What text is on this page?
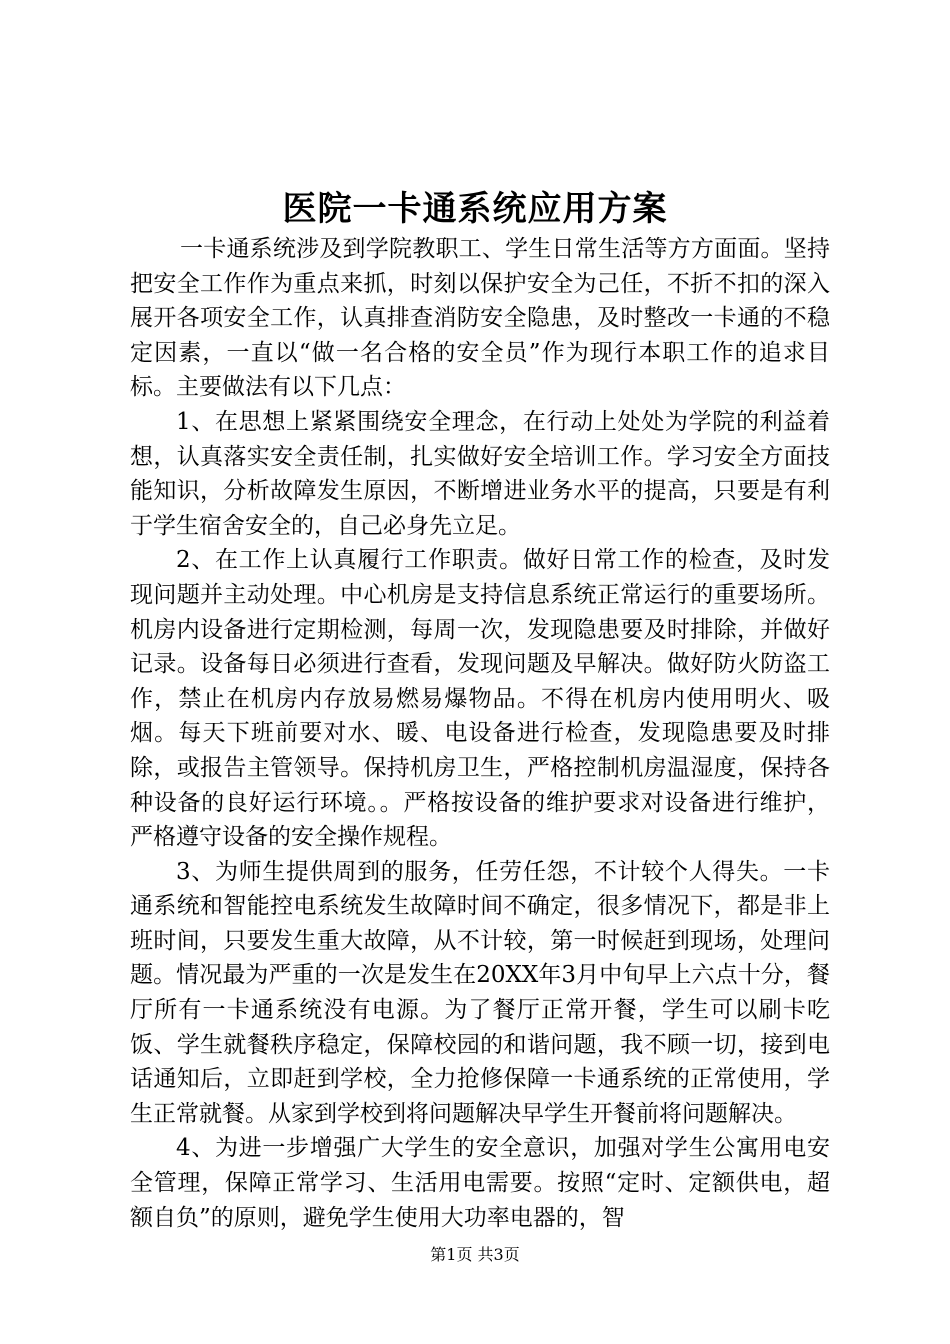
医院一卡通系统应用方案

一卡通系统涉及到学院教职工、学生日常生活等方方面面。坚持把安全工作作为重点来抓，时刻以保护安全为己任，不折不扣的深入展开各项安全工作，认真排查消防安全隐患，及时整改一卡通的不稳定因素，一直以“做一名合格的安全员”作为现行本职工作的追求目标。主要做法有以下几点：

1、在思想上紧紧围绕安全理念，在行动上处处为学院的利益着想，认真落实安全责任制，扎实做好安全培训工作。学习安全方面技能知识，分析故障发生原因，不断增进业务水平的提高，只要是有利于学生宿舍安全的，自己必身先立足。

2、在工作上认真履行工作职责。做好日常工作的检查，及时发现问题并主动处理。中心机房是支持信息系统正常运行的重要场所。机房内设备进行定期检测，每周一次，发现隐患要及时排除，并做好记录。设备每日必须进行查看，发现问题及早解决。做好防火防盗工作，禁止在机房内存放易燃易爆物品。不得在机房内使用明火、吸烟。每天下班前要对水、暖、电设备进行检查，发现隐患要及时排除，或报告主管领导。保持机房卫生，严格控制机房温湿度，保持各种设备的良好运行环境。。严格按设备的维护要求对设备进行维护，严格遵守设备的安全操作规程。

3、为师生提供周到的服务，任劳任怨，不计较个人得失。一卡通系统和智能控电系统发生故障时间不确定，很多情况下，都是非上班时间，只要发生重大故障，从不计较，第一时候赶到现场，处理问题。情况最为严重的一次是发生在20XX年3月中旬早上六点十分，餐厅所有一卡通系统没有电源。为了餐厅正常开餐，学生可以刷卡吃饭、学生就餐秩序稳定，保障校园的和谐问题，我不顾一切，接到电话通知后，立即赶到学校，全力抢修保障一卡通系统的正常使用，学生正常就餐。从家到学校到将问题解决早学生开餐前将问题解决。

4、为进一步增强广大学生的安全意识，加强对学生公寓用电安全管理，保障正常学习、生活用电需要。按照“定时、定额供电，超额自负”的原则，避免学生使用大功率电器的，智

第1页 共3页
